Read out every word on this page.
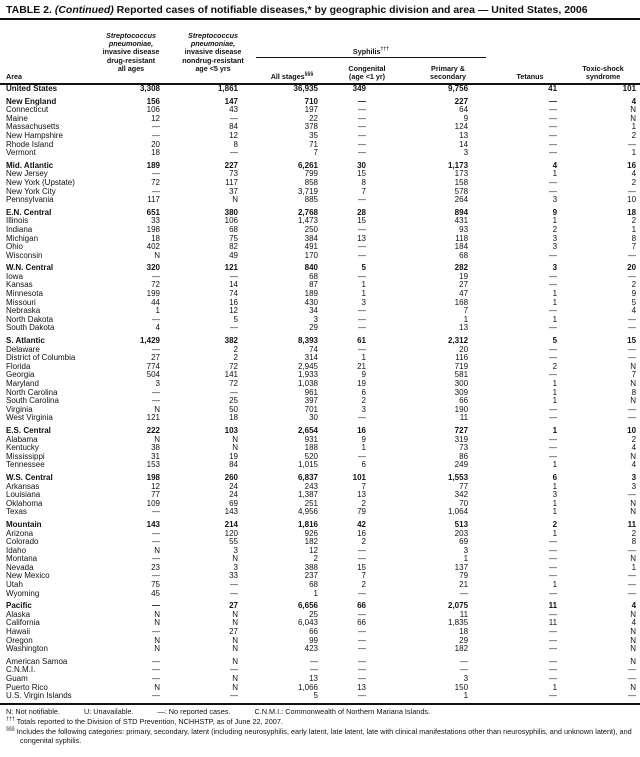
TABLE 2. (Continued) Reported cases of notifiable diseases,* by geographic division and area — United States, 2006
Area	Streptococcus
pneumoniae,
invasive disease
drug-resistant
all ages	Streptococcus
pneumoniae,
invasive disease
nondrug-resistant
age <5 yrs	Syphilis†††			Tetanus	Toxic-shock
syndrome
			All stages§§§	Congenital
(age <1 yr)	Primary &
secondary		
United States	3,308	1,861	36,935	349	9,756	41	101
New England	156	147	710	—	227	—	4
Connecticut	106	43	197	—	64	—	N
Maine	12	—	22	—	9	—	N
Massachusetts	—	84	378	—	124	—	1
New Hampshire	—	12	35	—	13	—	2
Rhode Island	20	8	71	—	14	—	—
Vermont	18	—	7	—	3	—	1
Mid. Atlantic	189	227	6,261	30	1,173	4	16
New Jersey	—	73	799	15	173	1	4
New York (Upstate)	72	117	858	8	158	—	2
New York City	—	37	3,719	7	578	—	—
Pennsylvania	117	N	885	—	264	3	10
E.N. Central	651	380	2,768	28	894	9	18
Illinois	33	106	1,473	15	431	1	2
Indiana	198	68	250	—	93	2	1
Michigan	18	75	384	13	118	3	8
Ohio	402	82	491	—	184	3	7
Wisconsin	N	49	170	—	68	—	—
W.N. Central	320	121	840	5	282	3	20
Iowa	—	—	68	—	19	—	—
Kansas	72	14	87	1	27	—	2
Minnesota	199	74	189	1	47	1	9
Missouri	44	16	430	3	168	1	5
Nebraska	1	12	34	—	7	—	4
North Dakota	—	5	3	—	1	1	—
South Dakota	4	—	29	—	13	—	—
S. Atlantic	1,429	382	8,393	61	2,312	5	15
Delaware	—	2	74	—	20	—	—
District of Columbia	27	2	314	1	116	—	—
Florida	774	72	2,945	21	719	2	N
Georgia	504	141	1,933	9	581	—	7
Maryland	3	72	1,038	19	300	1	N
North Carolina	—	—	961	6	309	1	8
South Carolina	—	25	397	2	66	1	N
Virginia	N	50	701	3	190	—	—
West Virginia	121	18	30	—	11	—	—
E.S. Central	222	103	2,654	16	727	1	10
Alabama	N	N	931	9	319	—	2
Kentucky	38	N	188	1	73	—	4
Mississippi	31	19	520	—	86	—	N
Tennessee	153	84	1,015	6	249	1	4
W.S. Central	198	260	6,837	101	1,553	6	3
Arkansas	12	24	243	7	77	1	3
Louisiana	77	24	1,387	13	342	3	—
Oklahoma	109	69	251	2	70	1	N
Texas	—	143	4,956	79	1,064	1	N
Mountain	143	214	1,816	42	513	2	11
Arizona	—	120	926	16	203	1	2
Colorado	—	55	182	2	69	—	8
Idaho	N	3	12	—	3	—	—
Montana	—	N	2	—	1	—	N
Nevada	23	3	388	15	137	—	1
New Mexico	—	33	237	7	79	—	—
Utah	75	—	68	2	21	1	—
Wyoming	45	—	1	—	—	—	—
Pacific	—	27	6,656	66	2,075	11	4
Alaska	N	N	25	—	11	—	N
California	N	N	6,043	66	1,835	11	4
Hawaii	—	27	66	—	18	—	N
Oregon	N	N	99	—	29	—	N
Washington	N	N	423	—	182	—	N
American Samoa	—	N	—	—	—	—	N
C.N.M.I.	—	—	—	—	—	—	—
Guam	—	N	13	—	3	—	—
Puerto Rico	N	N	1,066	13	150	1	N
U.S. Virgin Islands	—	—	5	—	1	—	—
N: Not notifiable.	U: Unavailable.	—: No reported cases.	C.N.M.I.: Commonwealth of Northern Mariana Islands.
††† Totals reported to the Division of STD Prevention, NCHHSTP, as of June 22, 2007.
§§§ Includes the following categories: primary, secondary, latent (including neurosyphilis, early latent, late latent, late with clinical manifestations other than neurosyphilis, and unknown latent), and congenital syphilis.
